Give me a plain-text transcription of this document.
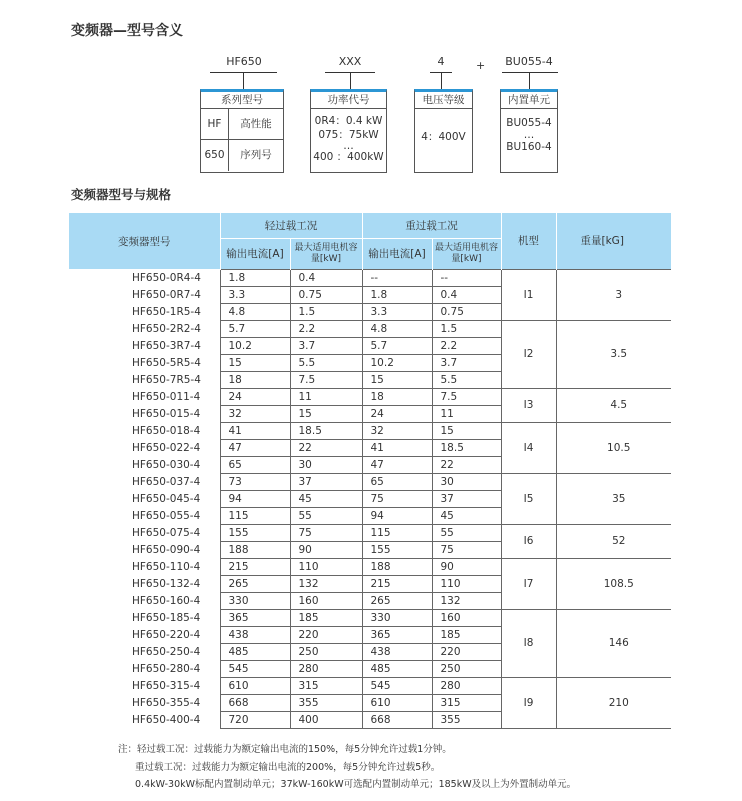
变频器—型号含义
HF650	XXX	4	+ BU055-4
系列型号
HF	高性能
650	序列号
功率代号
0R4：0.4 kW
075：75kW
…
400 ：400kW
电压等级
4：400V
内置单元
BU055-4
…
BU160-4
变频器型号与规格
变频器型号	轻过载工况		重过载工况		机型	重量[kG]
	输出电流[A]	最大适用电机容量[kW]	输出电流[A]	最大适用电机容量[kW]		
HF650-0R4-4	1.8	0.4	--	--	I1	3
HF650-0R7-4	3.3	0.75	1.8	0.4		
HF650-1R5-4	4.8	1.5	3.3	0.75		
HF650-2R2-4	5.7	2.2	4.8	1.5	I2	3.5
HF650-3R7-4	10.2	3.7	5.7	2.2		
HF650-5R5-4	15	5.5	10.2	3.7		
HF650-7R5-4	18	7.5	15	5.5		
HF650-011-4	24	11	18	7.5	I3	4.5
HF650-015-4	32	15	24	11		
HF650-018-4	41	18.5	32	15	I4	10.5
HF650-022-4	47	22	41	18.5		
HF650-030-4	65	30	47	22		
HF650-037-4	73	37	65	30	I5	35
HF650-045-4	94	45	75	37		
HF650-055-4	115	55	94	45		
HF650-075-4	155	75	115	55	I6	52
HF650-090-4	188	90	155	75		
HF650-110-4	215	110	188	90	I7	108.5
HF650-132-4	265	132	215	110		
HF650-160-4	330	160	265	132		
HF650-185-4	365	185	330	160	I8	146
HF650-220-4	438	220	365	185		
HF650-250-4	485	250	438	220		
HF650-280-4	545	280	485	250		
HF650-315-4	610	315	545	280	I9	210
HF650-355-4	668	355	610	315		
HF650-400-4	720	400	668	355		
注：轻过载工况：过载能力为额定输出电流的150%，每5分钟允许过载1分钟。
重过载工况：过载能力为额定输出电流的200%，每5分钟允许过载5秒。
0.4kW-30kW标配内置制动单元；37kW-160kW可选配内置制动单元；185kW及以上为外置制动单元。
